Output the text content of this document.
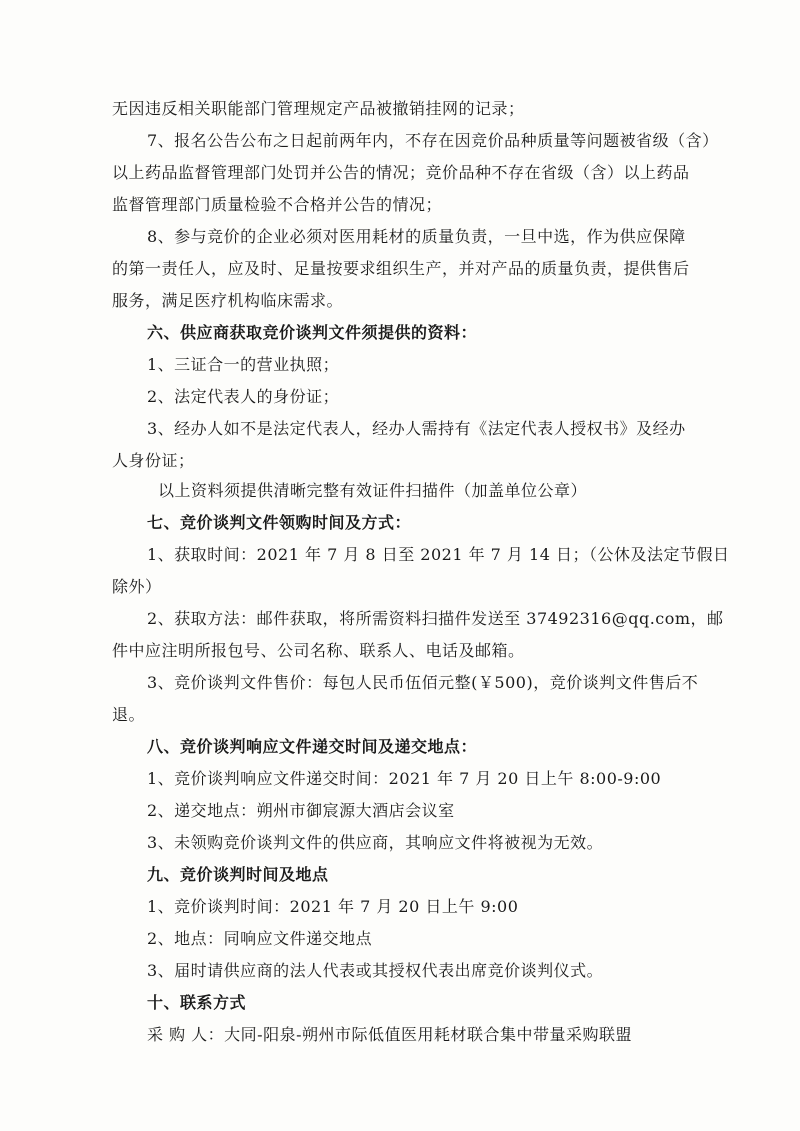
无因违反相关职能部门管理规定产品被撤销挂网的记录；
7、报名公告公布之日起前两年内，不存在因竞价品种质量等问题被省级（含）
以上药品监督管理部门处罚并公告的情况；竞价品种不存在省级（含）以上药品
监督管理部门质量检验不合格并公告的情况；
8、参与竞价的企业必须对医用耗材的质量负责，一旦中选，作为供应保障
的第一责任人，应及时、足量按要求组织生产，并对产品的质量负责，提供售后
服务，满足医疗机构临床需求。
六、供应商获取竞价谈判文件须提供的资料：
1、三证合一的营业执照；
2、法定代表人的身份证；
3、经办人如不是法定代表人，经办人需持有《法定代表人授权书》及经办
人身份证；
以上资料须提供清晰完整有效证件扫描件（加盖单位公章）
七、竞价谈判文件领购时间及方式：
1、获取时间：2021 年 7 月 8 日至 2021 年 7 月 14 日；（公休及法定节假日
除外）
2、获取方法：邮件获取，将所需资料扫描件发送至 37492316@qq.com，邮
件中应注明所报包号、公司名称、联系人、电话及邮箱。
3、竞价谈判文件售价：每包人民币伍佰元整(￥500)，竞价谈判文件售后不
退。
八、竞价谈判响应文件递交时间及递交地点：
1、竞价谈判响应文件递交时间：2021 年 7 月 20 日上午 8:00-9:00
2、递交地点：朔州市御宸源大酒店会议室
3、未领购竞价谈判文件的供应商，其响应文件将被视为无效。
九、竞价谈判时间及地点
1、竞价谈判时间：2021 年 7 月 20 日上午 9:00
2、地点：同响应文件递交地点
3、届时请供应商的法人代表或其授权代表出席竞价谈判仪式。
十、联系方式
采 购 人：大同-阳泉-朔州市际低值医用耗材联合集中带量采购联盟
